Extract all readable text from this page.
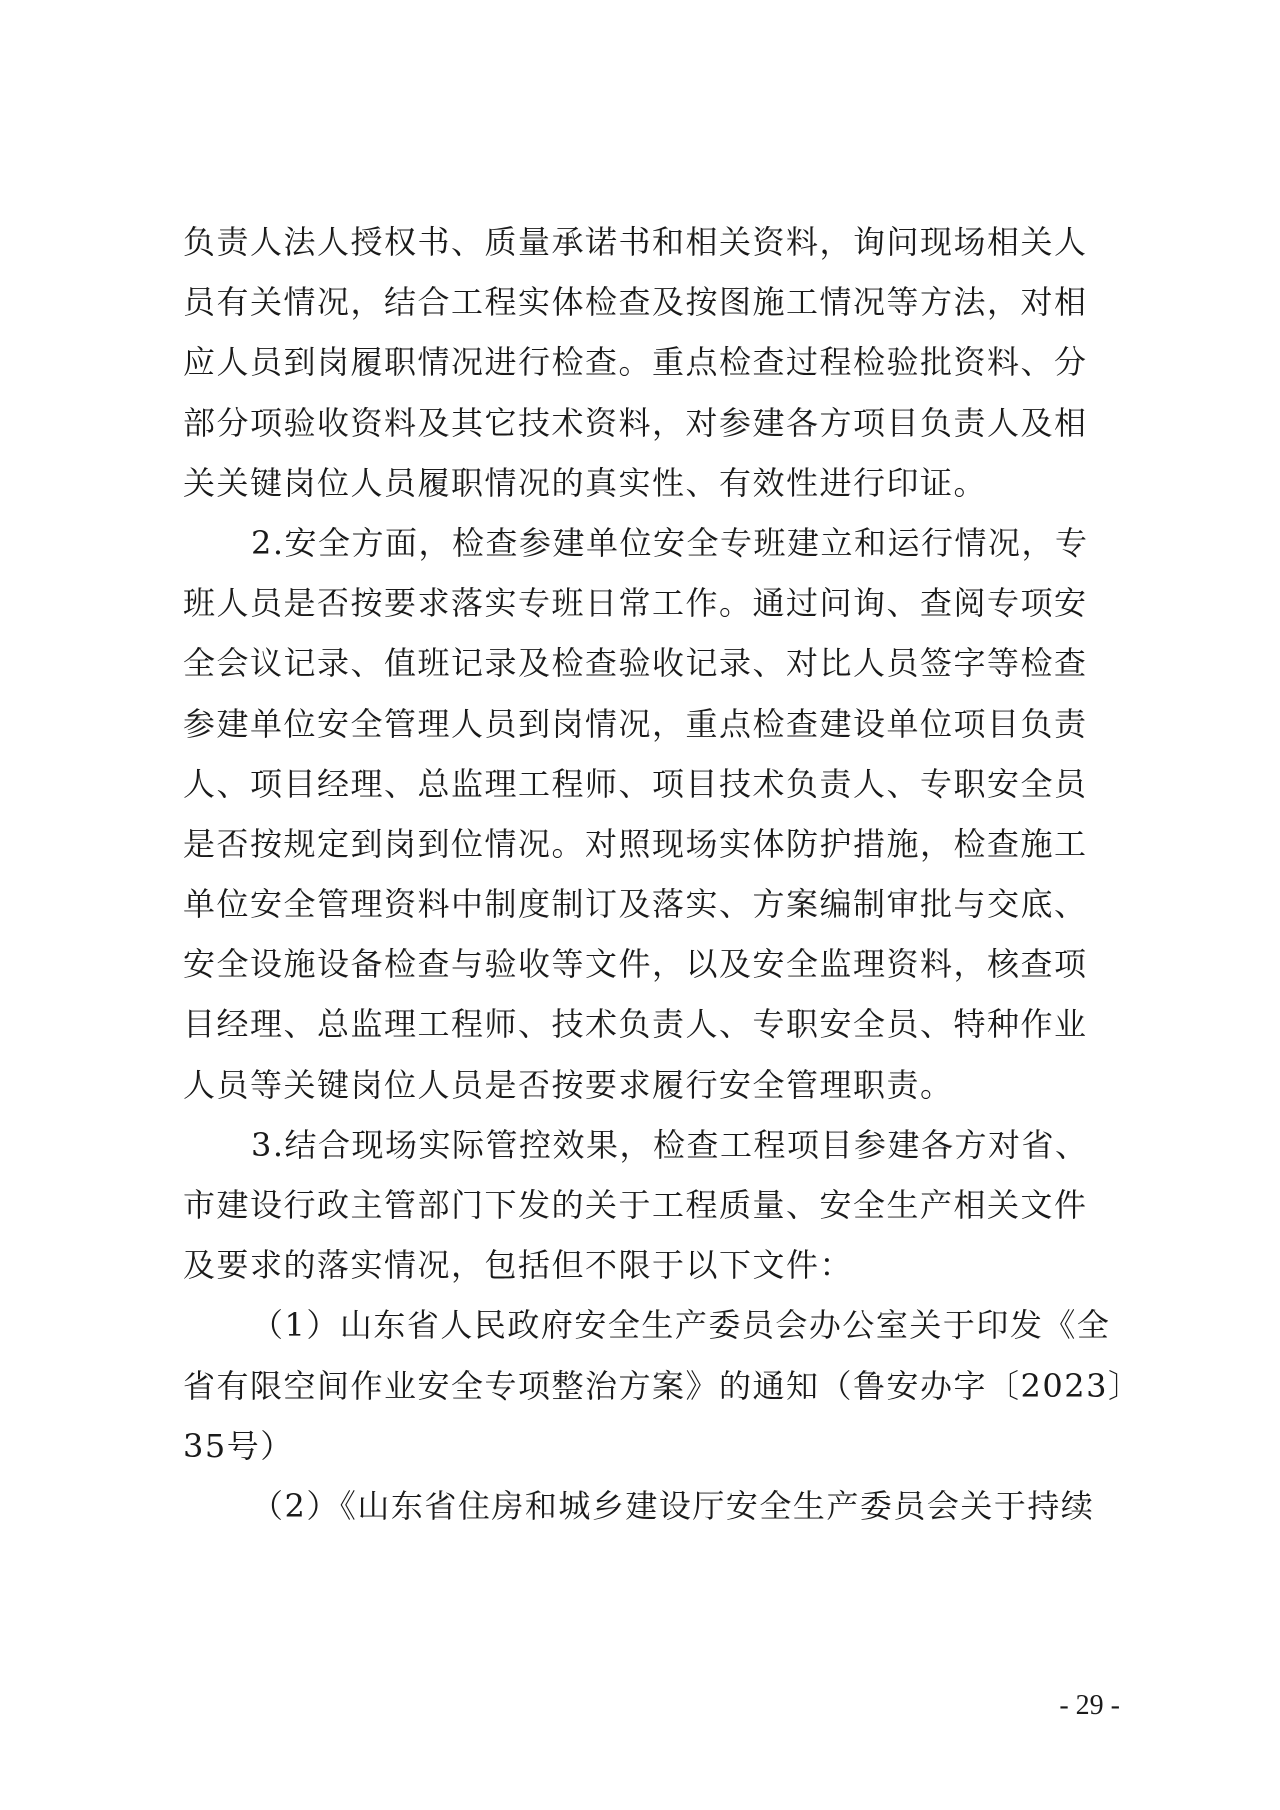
负责人法人授权书、质量承诺书和相关资料，询问现场相关人
员有关情况，结合工程实体检查及按图施工情况等方法，对相
应人员到岗履职情况进行检查。重点检查过程检验批资料、分
部分项验收资料及其它技术资料，对参建各方项目负责人及相
关关键岗位人员履职情况的真实性、有效性进行印证。
2.安全方面，检查参建单位安全专班建立和运行情况，专
班人员是否按要求落实专班日常工作。通过问询、查阅专项安
全会议记录、值班记录及检查验收记录、对比人员签字等检查
参建单位安全管理人员到岗情况，重点检查建设单位项目负责
人、项目经理、总监理工程师、项目技术负责人、专职安全员
是否按规定到岗到位情况。对照现场实体防护措施，检查施工
单位安全管理资料中制度制订及落实、方案编制审批与交底、
安全设施设备检查与验收等文件，以及安全监理资料，核查项
目经理、总监理工程师、技术负责人、专职安全员、特种作业
人员等关键岗位人员是否按要求履行安全管理职责。
3.结合现场实际管控效果，检查工程项目参建各方对省、
市建设行政主管部门下发的关于工程质量、安全生产相关文件
及要求的落实情况，包括但不限于以下文件：
（1）山东省人民政府安全生产委员会办公室关于印发《全
省有限空间作业安全专项整治方案》的通知（鲁安办字〔2023〕
35号）
（2）《山东省住房和城乡建设厅安全生产委员会关于持续
- 29 -
